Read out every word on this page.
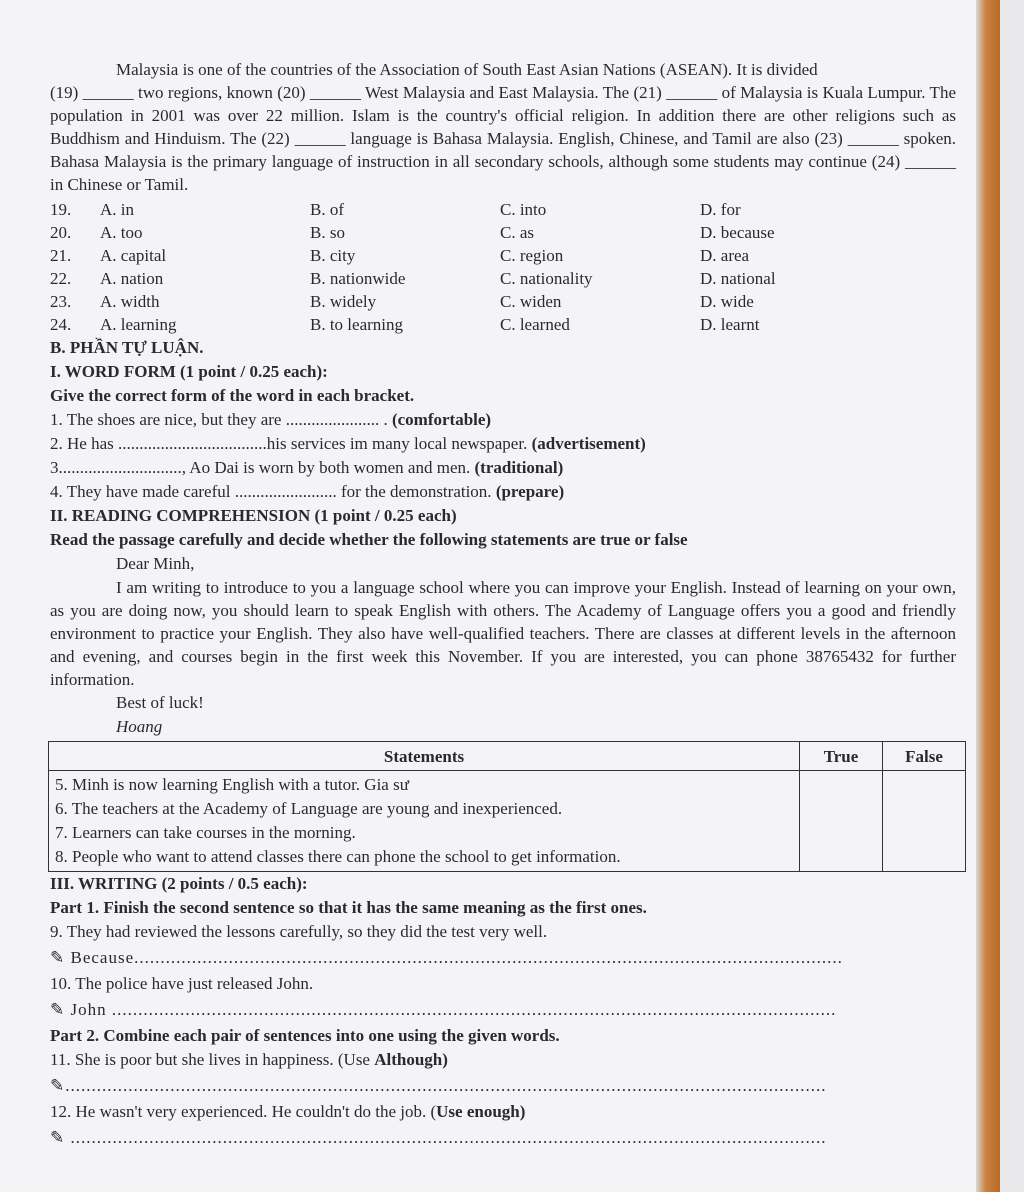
Malaysia is one of the countries of the Association of South East Asian Nations (ASEAN). It is divided
(19) ______ two regions, known (20) ______ West Malaysia and East Malaysia. The (21) ______ of Malaysia is Kuala Lumpur. The population in 2001 was over 22 million. Islam is the country's official religion. In addition there are other religions such as Buddhism and Hinduism. The (22) ______ language is Bahasa Malaysia. English, Chinese, and Tamil are also (23) ______ spoken. Bahasa Malaysia is the primary language of instruction in all secondary schools, although some students may continue (24) ______ in Chinese or Tamil.
19.	A. in	B. of	C. into	D. for
20.	A. too	B. so	C. as	D. because
21.	A. capital	B. city	C. region	D. area
22.	A. nation	B. nationwide	C. nationality	D. national
23.	A. width	B. widely	C. widen	D. wide
24.	A. learning	B. to learning	C. learned	D. learnt
B. PHẦN TỰ LUẬN.
I. WORD FORM (1 point / 0.25 each):
Give the correct form of the word in each bracket.
1. The shoes are nice, but they are ...................... . (comfortable)
2. He has ...................................his services im many local newspaper. (advertisement)
3............................., Ao Dai is worn by both women and men. (traditional)
4. They have made careful ........................ for the demonstration. (prepare)
II. READING COMPREHENSION (1 point / 0.25 each)
Read the passage carefully and decide whether the following statements are true or false
Dear Minh,
I am writing to introduce to you a language school where you can improve your English. Instead of learning on your own, as you are doing now, you should learn to speak English with others. The Academy of Language offers you a good and friendly environment to practice your English. They also have well-qualified teachers. There are classes at different levels in the afternoon and evening, and courses begin in the first week this November. If you are interested, you can phone 38765432 for further information.
Best of luck!
Hoang
Statements	True	False

5. Minh is now learning English with a tutor. Gia sư
6. The teachers at the Academy of Language are young and inexperienced.
7. Learners can take courses in the morning.
8. People who want to attend classes there can phone the school to get information.		

III. WRITING (2 points / 0.5 each):
Part 1. Finish the second sentence so that it has the same meaning as the first ones.
9. They had reviewed the lessons carefully, so they did the test very well.
✎ Because.......................................................................................................................................
10. The police have just released John.
✎ John ..........................................................................................................................................
Part 2. Combine each pair of sentences into one using the given words.
11. She is poor but she lives in happiness. (Use Although)
✎.................................................................................................................................................
12. He wasn't very experienced. He couldn't do the job. (Use enough)
✎ ................................................................................................................................................
